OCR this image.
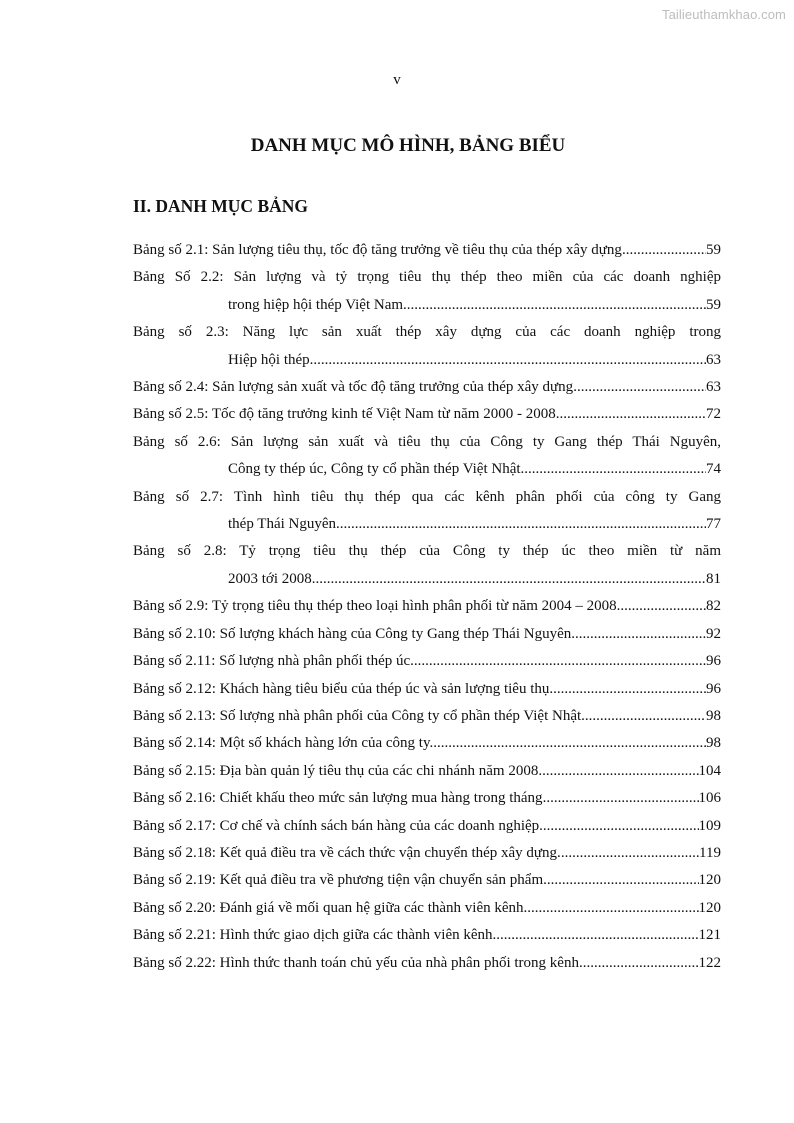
Tailieuthamkhao.com
v
DANH MỤC MÔ HÌNH, BẢNG BIỂU
II. DANH MỤC BẢNG
Bảng số 2.1: Sản lượng tiêu thụ, tốc độ tăng trưởng về tiêu thụ của thép xây dựng .....	59
Bảng Số 2.2: Sản lượng và tỷ trọng tiêu thụ thép theo miền của các doanh nghiệp
trong hiệp hội thép Việt Nam. .....	59
Bảng số 2.3: Năng lực sản xuất thép xây dựng của các doanh nghiệp trong
Hiệp hội thép .....	63
Bảng số 2.4: Sản lượng sản xuất và tốc độ tăng trưởng của thép xây dựng .....	63
Bảng số 2.5: Tốc độ tăng trưởng kinh tế Việt Nam từ năm 2000 - 2008. .....	72
Bảng số 2.6: Sản lượng sản xuất và tiêu thụ của Công ty Gang thép Thái Nguyên,
Công ty thép úc, Công ty cổ phần thép Việt Nhật. .....	74
Bảng số 2.7: Tình hình tiêu thụ thép qua các kênh phân phối của công ty Gang
thép Thái Nguyên .....	77
Bảng số 2.8: Tỷ trọng tiêu thụ thép của Công ty thép úc theo miền từ năm
2003 tới 2008. .....	81
Bảng số 2.9: Tỷ trọng tiêu thụ thép theo loại hình phân phối từ năm 2004 – 2008. .....	82
Bảng số 2.10: Số lượng khách hàng của Công ty Gang thép Thái Nguyên. .....	92
Bảng số 2.11: Số lượng nhà phân phối thép úc. .....	96
Bảng số 2.12: Khách hàng tiêu biểu của thép úc và sản lượng tiêu thụ. .....	96
Bảng số 2.13: Số lượng nhà phân phối của Công ty cổ phần thép Việt Nhật. .....	98
Bảng số 2.14: Một số khách hàng lớn của công ty. .....	98
Bảng số 2.15: Địa bàn quản lý tiêu thụ của các chi nhánh năm 2008. .....	104
Bảng số 2.16: Chiết khấu theo mức sản lượng mua hàng trong tháng .....	106
Bảng số 2.17: Cơ chế và chính sách bán hàng của các doanh nghiệp. .....	109
Bảng số 2.18: Kết quả điều tra về cách thức vận chuyển thép xây dựng. .....	119
Bảng số 2.19: Kết quả điều tra về phương tiện vận chuyển sản phẩm. .....	120
Bảng số 2.20: Đánh giá về mối quan hệ giữa các thành viên kênh. .....	120
Bảng số 2.21: Hình thức giao dịch giữa các thành viên kênh. .....	121
Bảng số 2.22: Hình thức thanh toán chủ yếu của nhà phân phối trong kênh. .....	122
